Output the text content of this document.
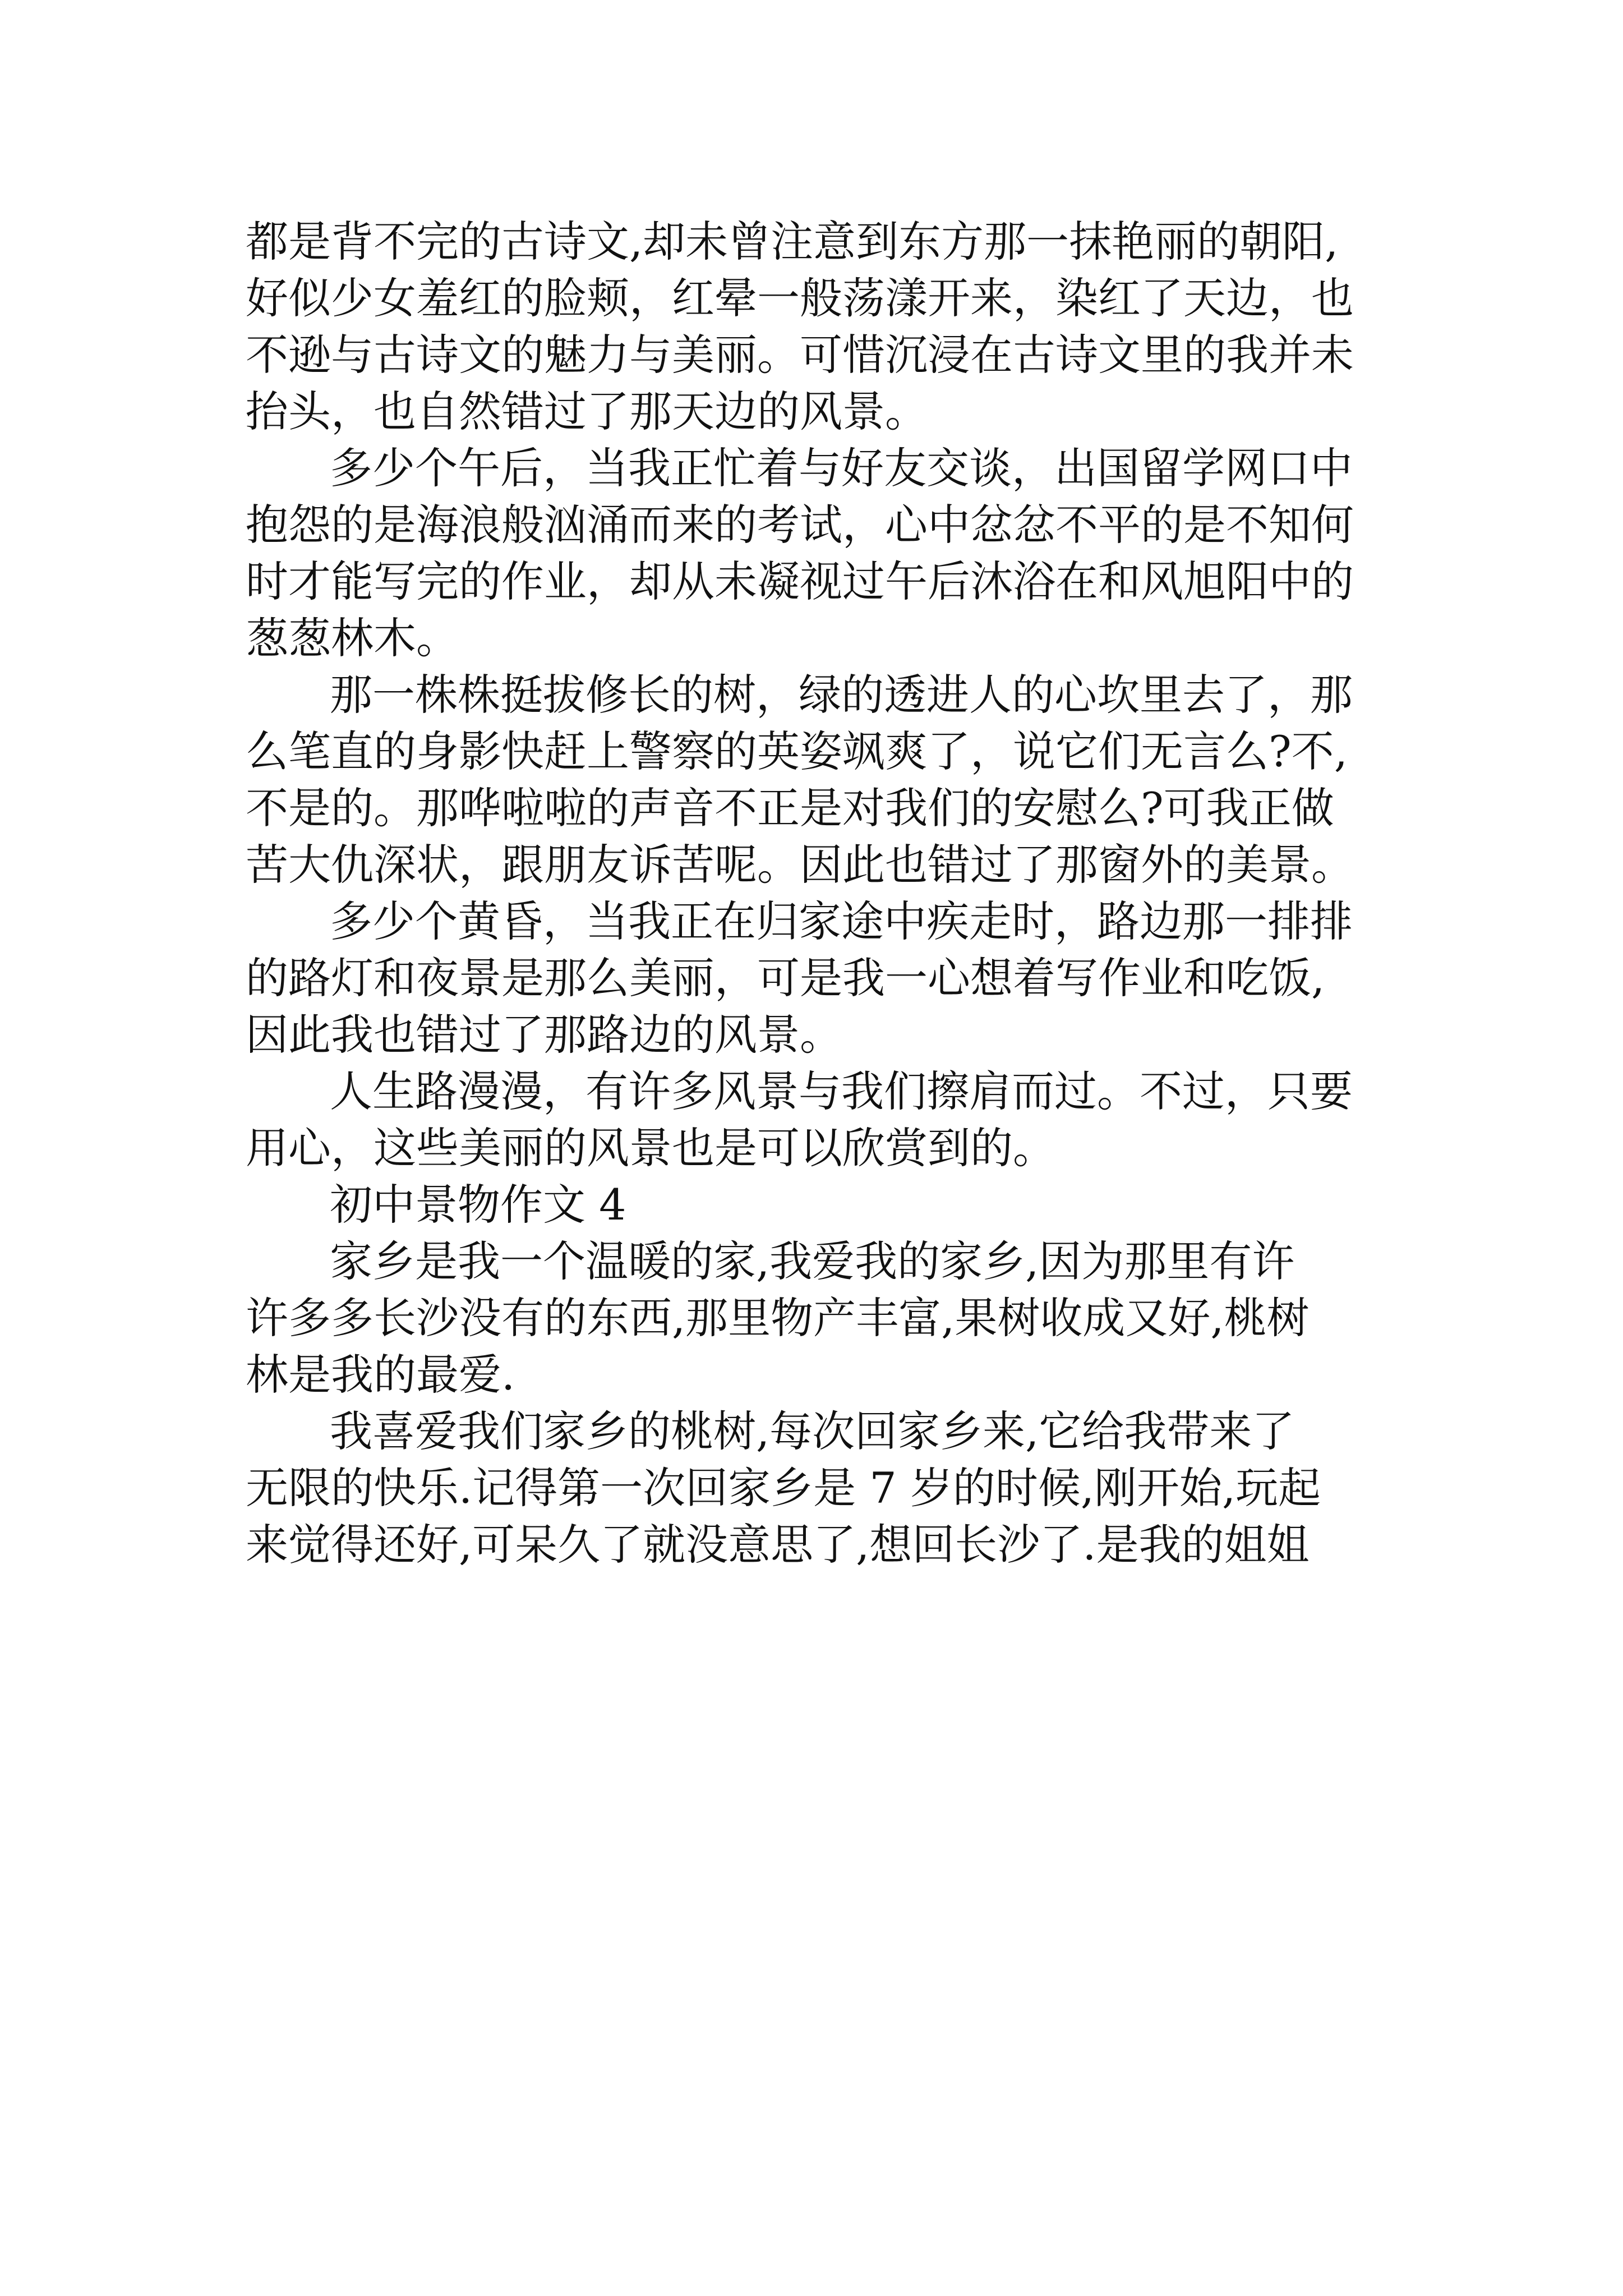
都是背不完的古诗文,却未曾注意到东方那一抹艳丽的朝阳,
好似少女羞红的脸颊，红晕一般荡漾开来，染红了天边，也
不逊与古诗文的魅力与美丽。可惜沉浸在古诗文里的我并未
抬头，也自然错过了那天边的风景。
多少个午后，当我正忙着与好友交谈，出国留学网口中
抱怨的是海浪般汹涌而来的考试，心中忿忿不平的是不知何
时才能写完的作业，却从未凝视过午后沐浴在和风旭阳中的
葱葱林木。
那一株株挺拔修长的树，绿的透进人的心坎里去了，那
么笔直的身影快赶上警察的英姿飒爽了，说它们无言么?不,
不是的。那哗啦啦的声音不正是对我们的安慰么?可我正做
苦大仇深状，跟朋友诉苦呢。因此也错过了那窗外的美景。
多少个黄昏，当我正在归家途中疾走时，路边那一排排
的路灯和夜景是那么美丽，可是我一心想着写作业和吃饭,
因此我也错过了那路边的风景。
人生路漫漫，有许多风景与我们擦肩而过。不过，只要
用心，这些美丽的风景也是可以欣赏到的。
初中景物作文 4
家乡是我一个温暖的家,我爱我的家乡,因为那里有许
许多多长沙没有的东西,那里物产丰富,果树收成又好,桃树
林是我的最爱.
我喜爱我们家乡的桃树,每次回家乡来,它给我带来了
无限的快乐.记得第一次回家乡是 7 岁的时候,刚开始,玩起
来觉得还好,可呆久了就没意思了,想回长沙了.是我的姐姐
